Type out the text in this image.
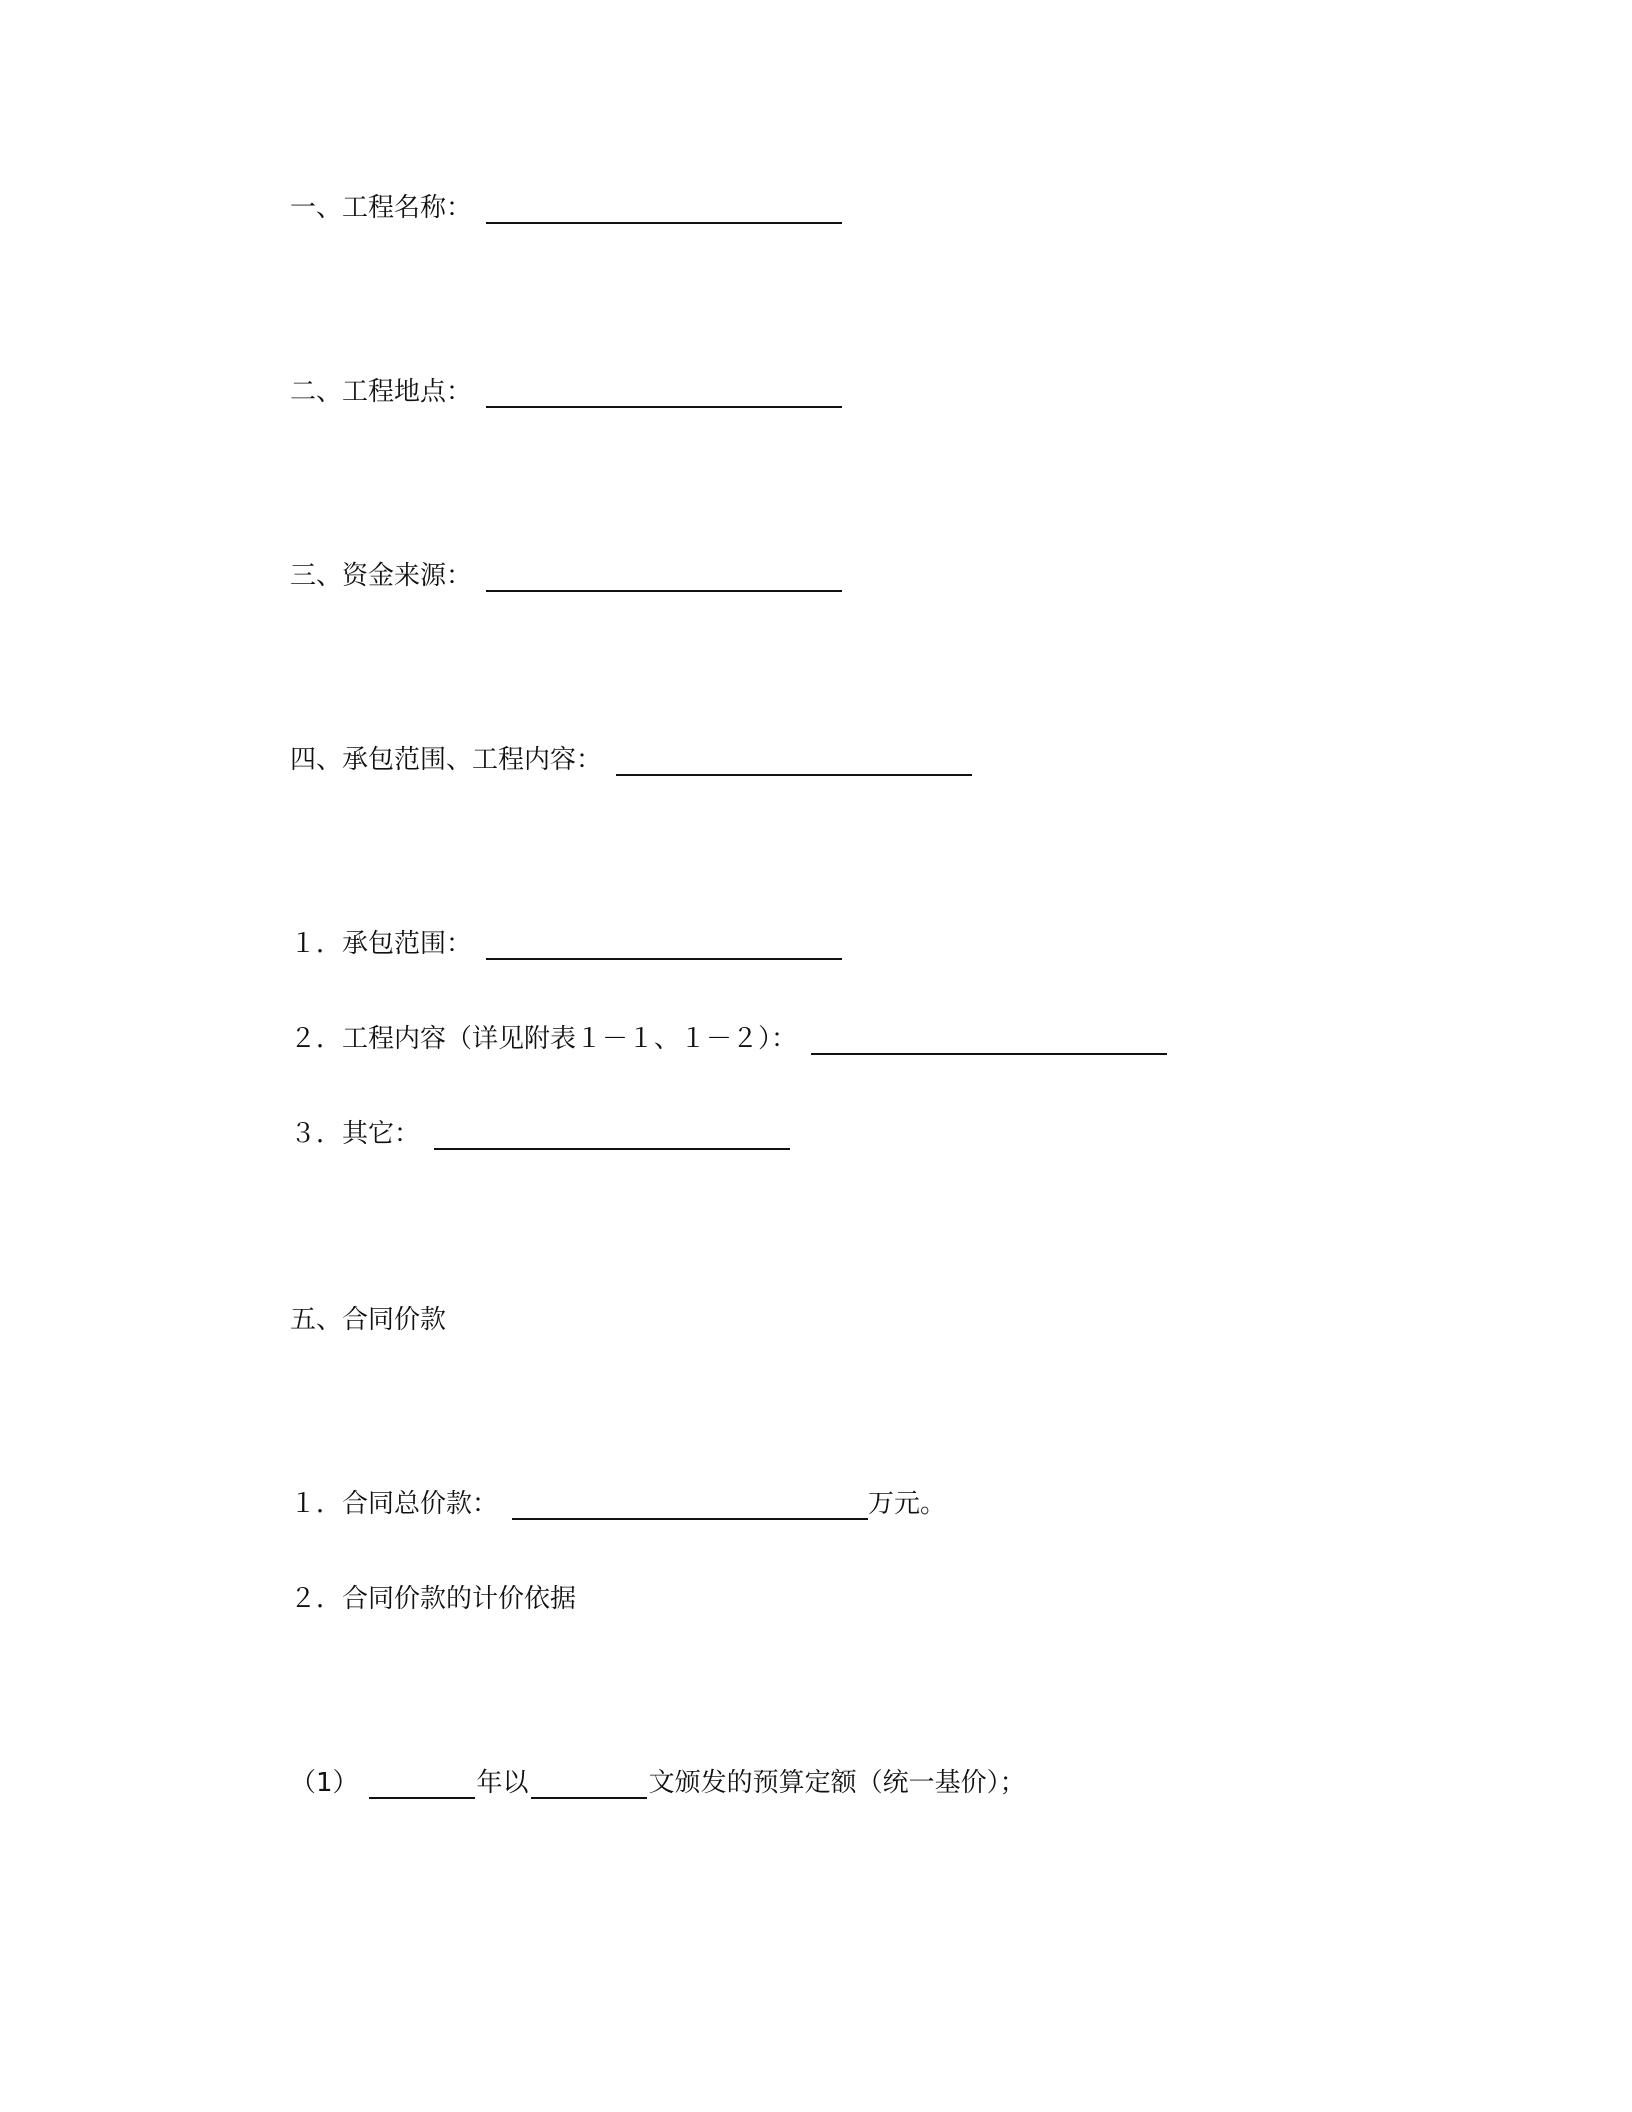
一、工程名称：
二、工程地点：
三、资金来源：
四、承包范围、工程内容：
１．承包范围：
２．工程内容（详见附表１－１、１－２）：
３．其它：
五、合同价款
１．合同总价款：	万元。
２．合同价款的计价依据
（1）	年以	文颁发的预算定额（统一基价）；
